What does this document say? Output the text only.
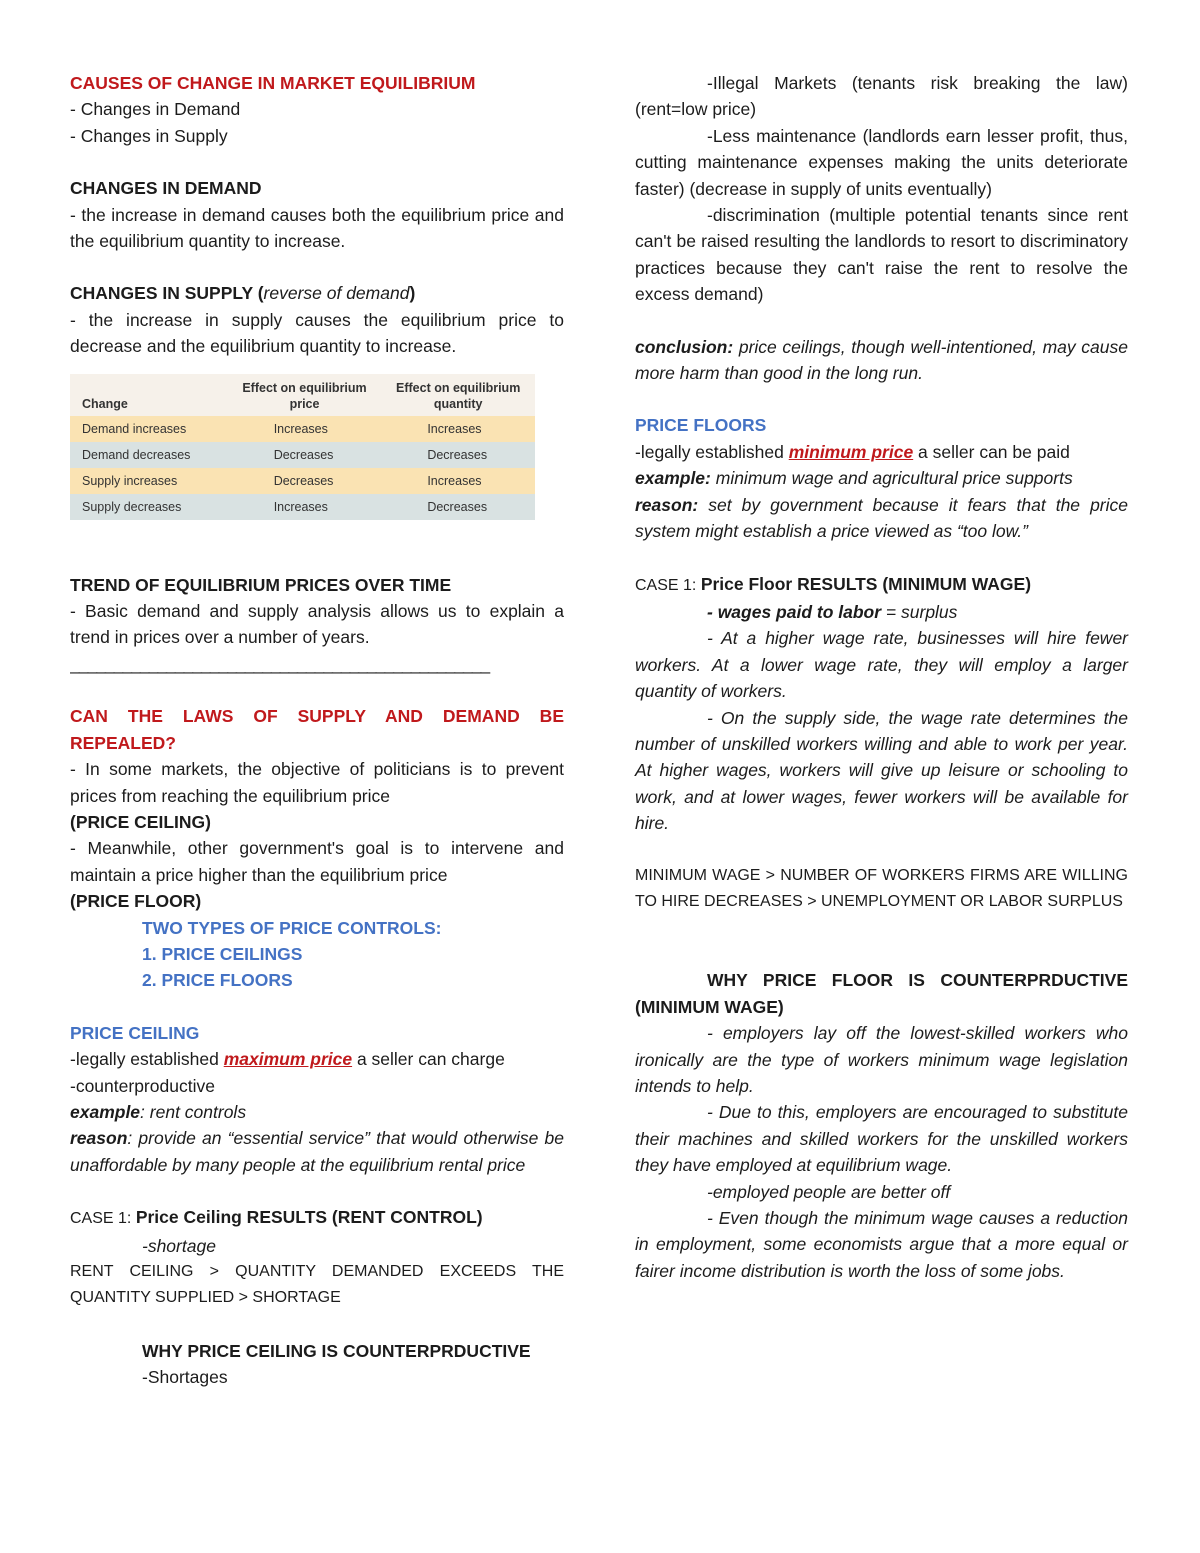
CAUSES OF CHANGE IN MARKET EQUILIBRIUM

- Changes in Demand

- Changes in Supply

CHANGES IN DEMAND

- the increase in demand causes both the equilibrium price and the equilibrium quantity to increase.

CHANGES IN SUPPLY (reverse of demand)

- the increase in supply causes the equilibrium price to decrease and the equilibrium quantity to increase.

Change	Effect on equilibrium price	Effect on equilibrium quantity
Demand increases	Increases	Increases
Demand decreases	Decreases	Decreases
Supply increases	Decreases	Increases
Supply decreases	Increases	Decreases

TREND OF EQUILIBRIUM PRICES OVER TIME

- Basic demand and supply analysis allows us to explain a trend in prices over a number of years.

________________________________________________

CAN THE LAWS OF SUPPLY AND DEMAND BE REPEALED?

- In some markets, the objective of politicians is to prevent prices from reaching the equilibrium price

(PRICE CEILING)

- Meanwhile, other government's goal is to intervene and maintain a price higher than the equilibrium price

(PRICE FLOOR)

TWO TYPES OF PRICE CONTROLS:

1. PRICE CEILINGS

2. PRICE FLOORS

PRICE CEILING

-legally established maximum price a seller can charge

-counterproductive

example: rent controls

reason: provide an “essential service” that would otherwise be unaffordable by many people at the equilibrium rental price

CASE 1: Price Ceiling RESULTS (RENT CONTROL)

-shortage

RENT CEILING > QUANTITY DEMANDED EXCEEDS THE QUANTITY SUPPLIED > SHORTAGE

WHY PRICE CEILING IS COUNTERPRDUCTIVE

-Shortages

-Illegal Markets (tenants risk breaking the law) (rent=low price)

-Less maintenance (landlords earn lesser profit, thus, cutting maintenance expenses making the units deteriorate faster) (decrease in supply of units eventually)

-discrimination (multiple potential tenants since rent can't be raised resulting the landlords to resort to discriminatory practices because they can't raise the rent to resolve the excess demand)

conclusion: price ceilings, though well-intentioned, may cause more harm than good in the long run.

PRICE FLOORS

-legally established minimum price a seller can be paid

example: minimum wage and agricultural price supports

reason: set by government because it fears that the price system might establish a price viewed as “too low.”

CASE 1: Price Floor RESULTS (MINIMUM WAGE)

- wages paid to labor = surplus

- At a higher wage rate, businesses will hire fewer workers. At a lower wage rate, they will employ a larger quantity of workers.

- On the supply side, the wage rate determines the number of unskilled workers willing and able to work per year. At higher wages, workers will give up leisure or schooling to work, and at lower wages, fewer workers will be available for hire.

MINIMUM WAGE > NUMBER OF WORKERS FIRMS ARE WILLING TO HIRE DECREASES > UNEMPLOYMENT OR LABOR SURPLUS

WHY PRICE FLOOR IS COUNTERPRDUCTIVE (MINIMUM WAGE)

- employers lay off the lowest-skilled workers who ironically are the type of workers minimum wage legislation intends to help.

- Due to this, employers are encouraged to substitute their machines and skilled workers for the unskilled workers they have employed at equilibrium wage.

-employed people are better off

- Even though the minimum wage causes a reduction in employment, some economists argue that a more equal or fairer income distribution is worth the loss of some jobs.
